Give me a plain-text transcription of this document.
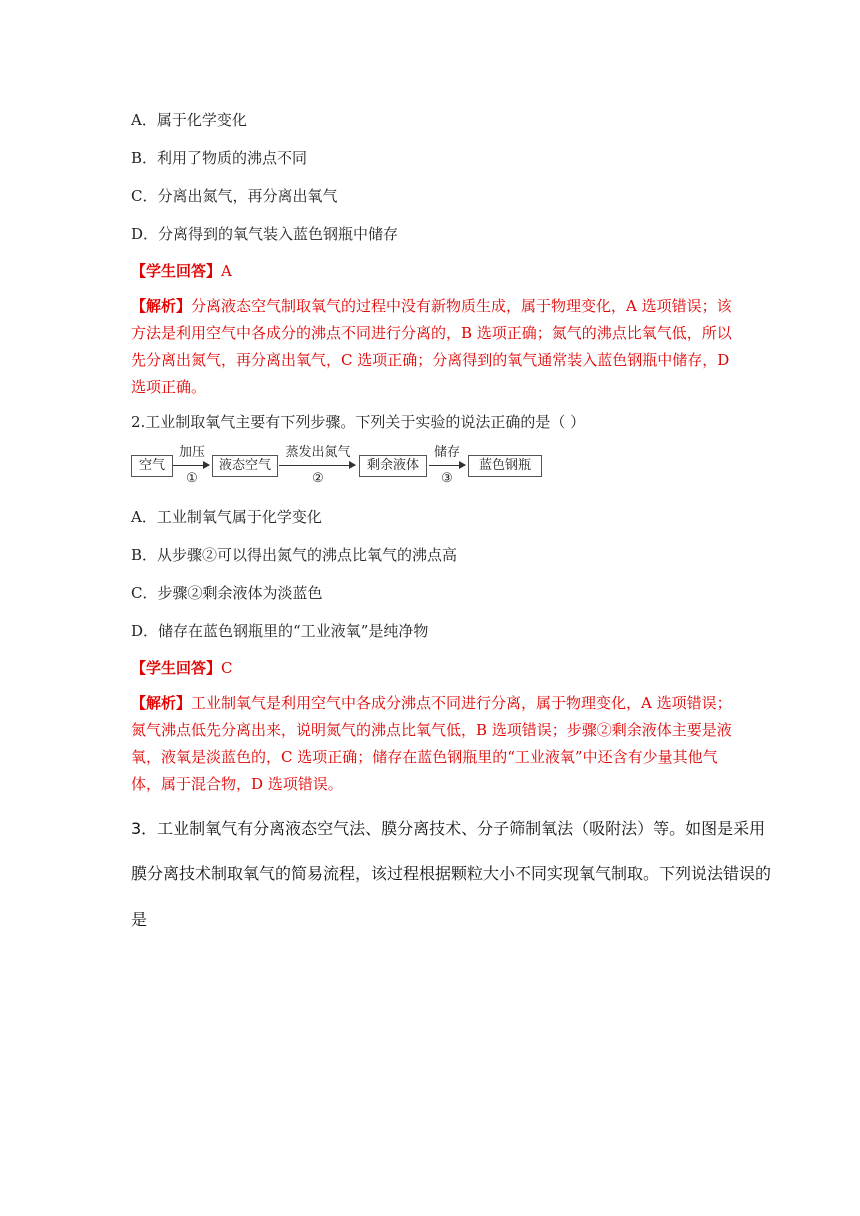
A．属于化学变化
B．利用了物质的沸点不同
C．分离出氮气，再分离出氧气
D．分离得到的氧气装入蓝色钢瓶中储存
【学生回答】A
【解析】分离液态空气制取氧气的过程中没有新物质生成，属于物理变化，A 选项错误；该
方法是利用空气中各成分的沸点不同进行分离的，B 选项正确；氮气的沸点比氧气低，所以
先分离出氮气，再分离出氧气，C 选项正确；分离得到的氧气通常装入蓝色钢瓶中储存，D
选项正确。
2.工业制取氧气主要有下列步骤。下列关于实验的说法正确的是（ ）
空气
加压
①
液态空气
蒸发出氮气
②
剩余液体
储存
③
蓝色钢瓶
A．工业制氧气属于化学变化
B．从步骤②可以得出氮气的沸点比氧气的沸点高
C．步骤②剩余液体为淡蓝色
D．储存在蓝色钢瓶里的“工业液氧”是纯净物
【学生回答】C
【解析】工业制氧气是利用空气中各成分沸点不同进行分离，属于物理变化，A 选项错误；
氮气沸点低先分离出来，说明氮气的沸点比氧气低，B 选项错误；步骤②剩余液体主要是液
氧，液氧是淡蓝色的，C 选项正确；储存在蓝色钢瓶里的“工业液氧”中还含有少量其他气
体，属于混合物，D 选项错误。
3．工业制氧气有分离液态空气法、膜分离技术、分子筛制氧法（吸附法）等。如图是采用
膜分离技术制取氧气的简易流程，该过程根据颗粒大小不同实现氧气制取。下列说法错误的
是
